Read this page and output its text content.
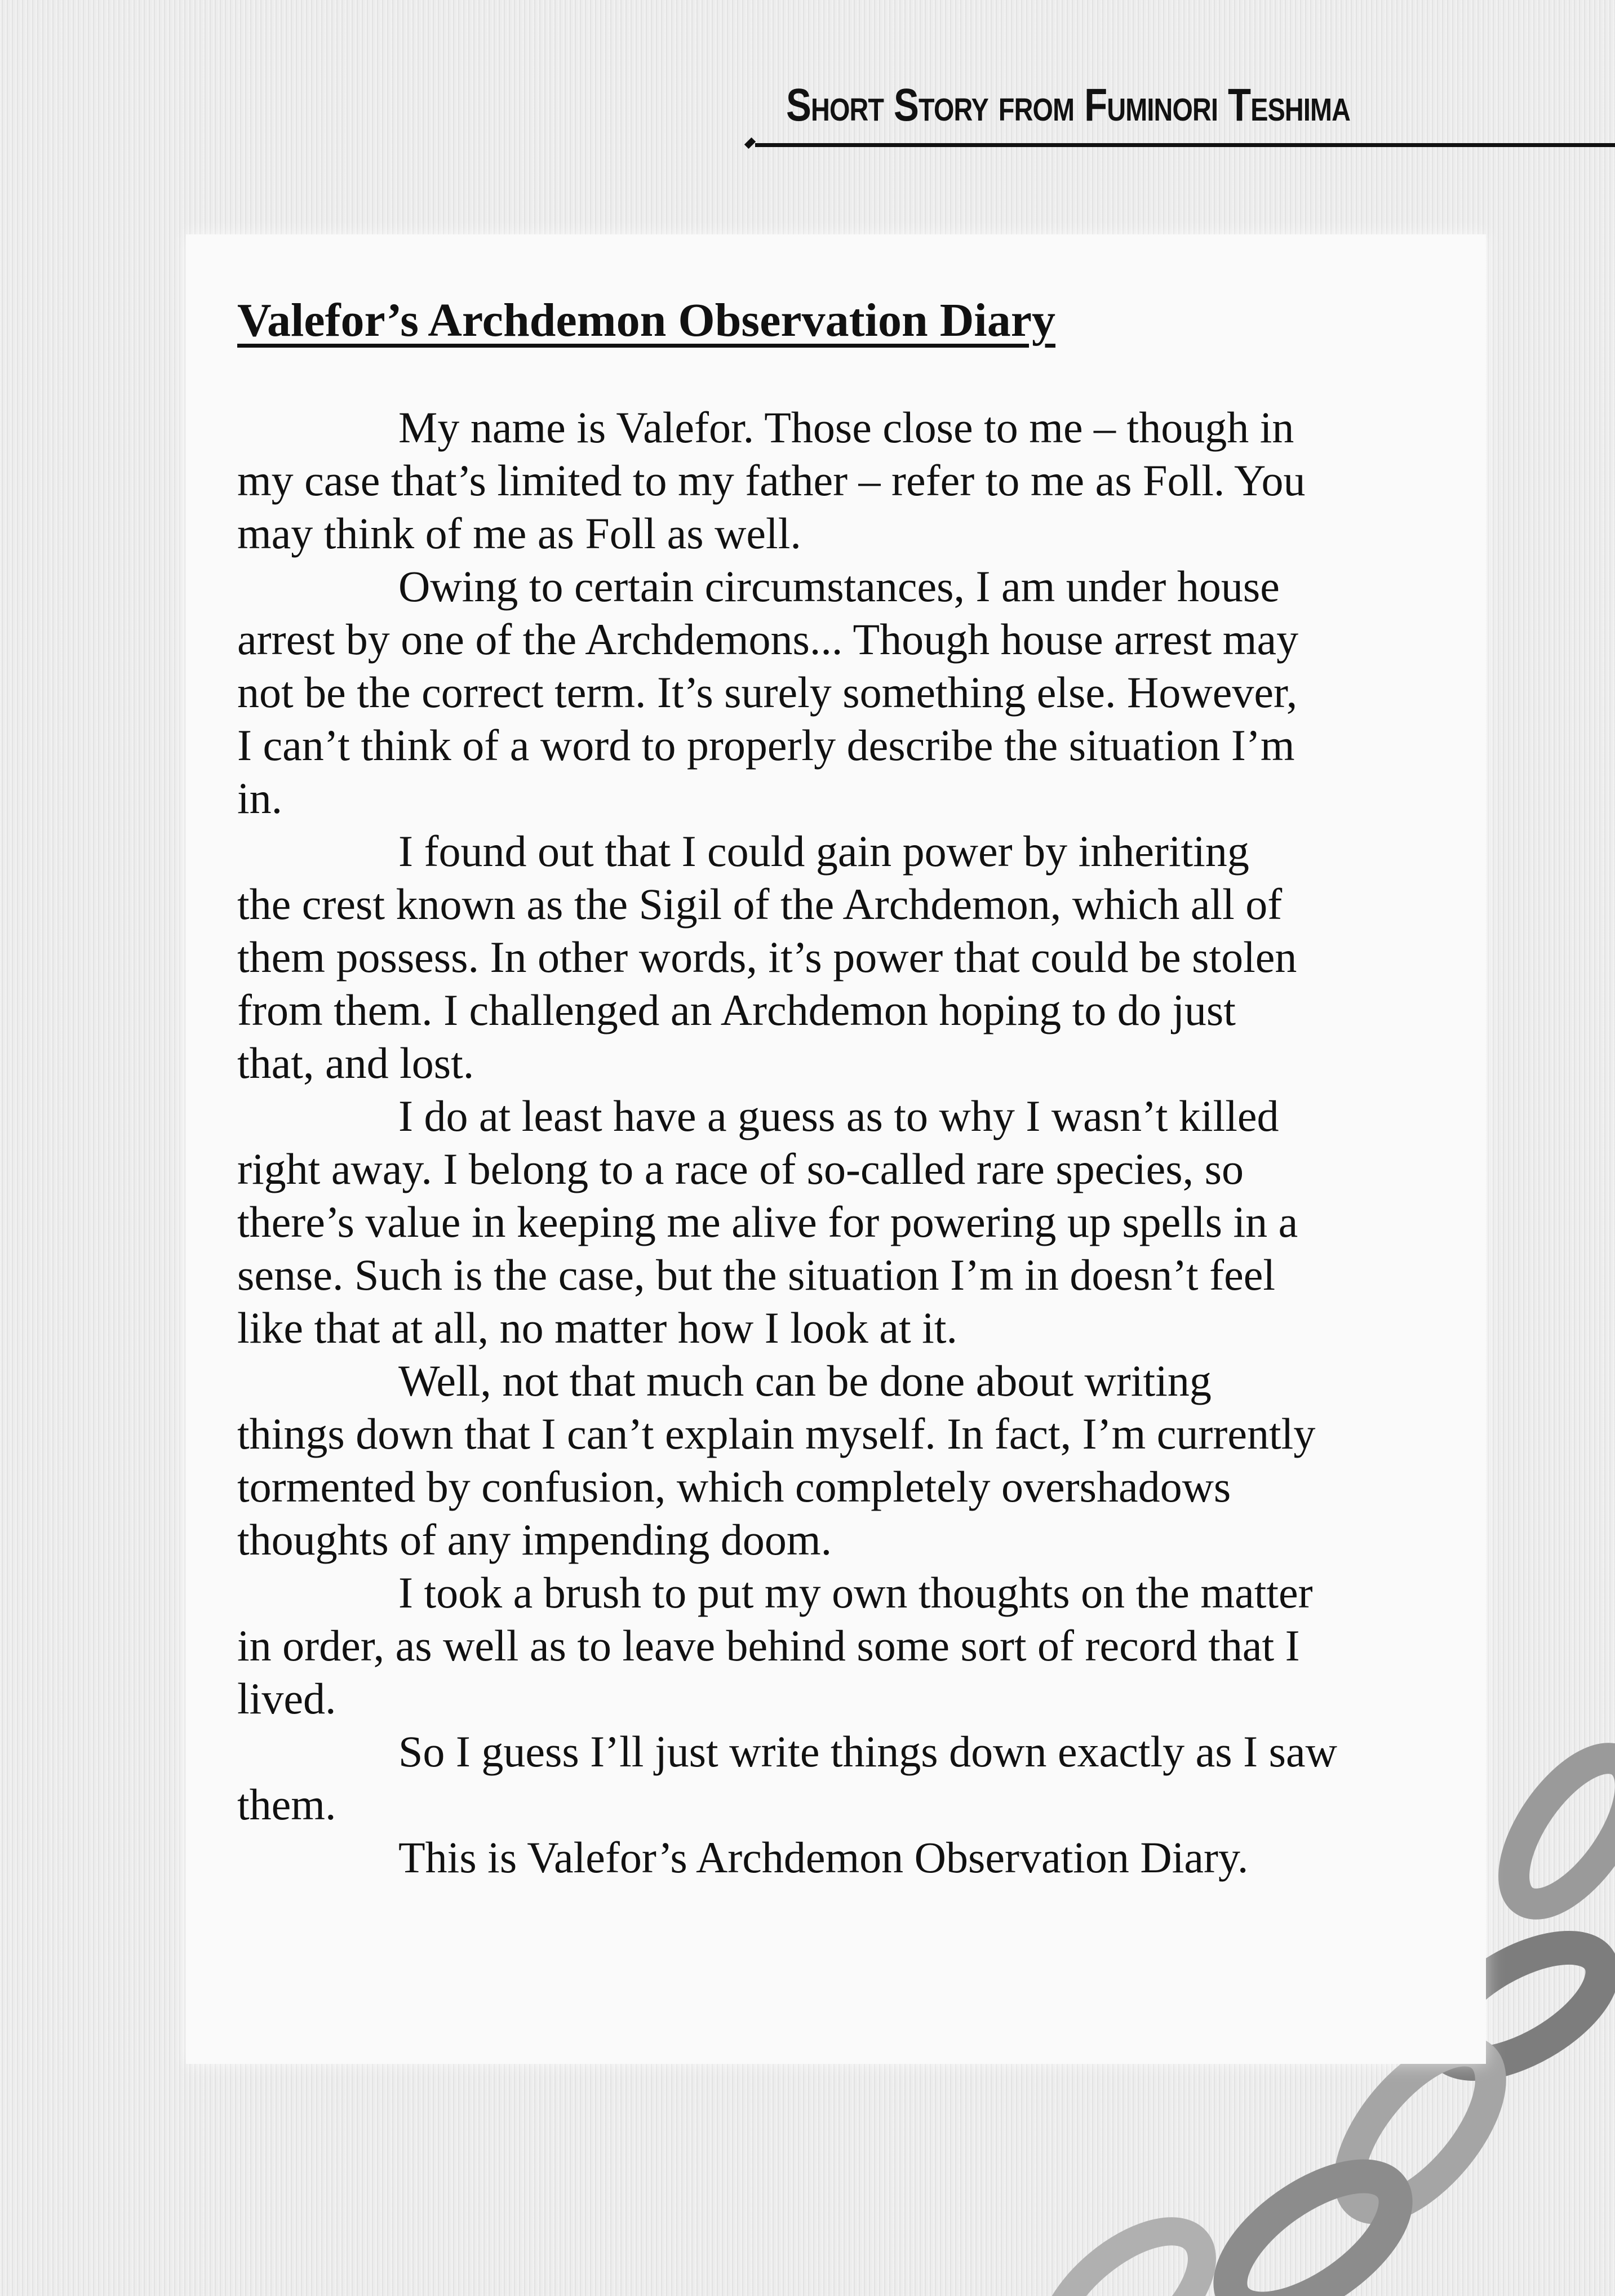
Short Story from Fuminori Teshima
Valefor’s Archdemon Observation Diary
My name is Valefor. Those close to me – though in
my case that’s limited to my father – refer to me as Foll. You
may think of me as Foll as well.
Owing to certain circumstances, I am under house
arrest by one of the Archdemons... Though house arrest may
not be the correct term. It’s surely something else. However,
I can’t think of a word to properly describe the situation I’m
in.
I found out that I could gain power by inheriting
the crest known as the Sigil of the Archdemon, which all of
them possess. In other words, it’s power that could be stolen
from them. I challenged an Archdemon hoping to do just
that, and lost.
I do at least have a guess as to why I wasn’t killed
right away. I belong to a race of so-called rare species, so
there’s value in keeping me alive for powering up spells in a
sense. Such is the case, but the situation I’m in doesn’t feel
like that at all, no matter how I look at it.
Well, not that much can be done about writing
things down that I can’t explain myself. In fact, I’m currently
tormented by confusion, which completely overshadows
thoughts of any impending doom.
I took a brush to put my own thoughts on the matter
in order, as well as to leave behind some sort of record that I
lived.
So I guess I’ll just write things down exactly as I saw
them.
This is Valefor’s Archdemon Observation Diary.
